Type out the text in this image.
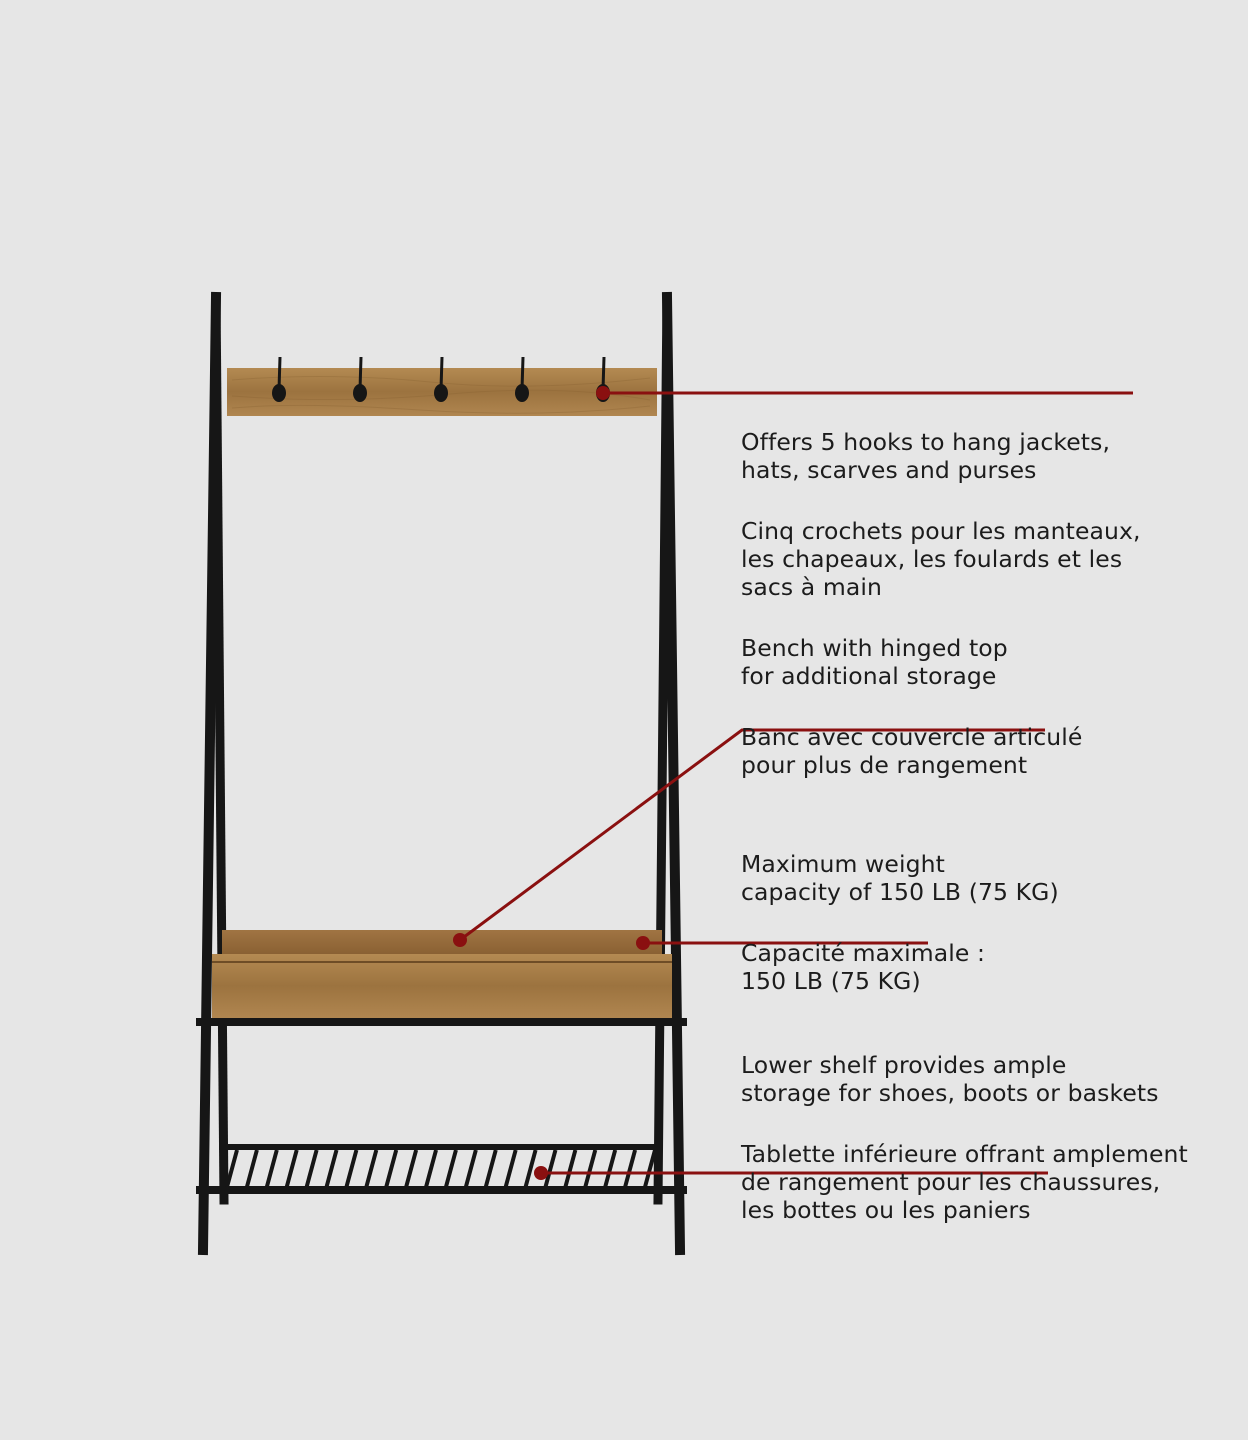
Offers 5 hooks to hang jackets,
hats, scarves and purses

Cinq crochets pour les manteaux,
les chapeaux, les foulards et les
sacs à main

Bench with hinged top
for additional storage

Banc avec couvercle articulé
pour plus de rangement

Maximum weight
capacity of 150 LB (75 KG)

Capacité maximale :
150 LB (75 KG)

Lower shelf provides ample
storage for shoes, boots or baskets

Tablette inférieure offrant amplement
de rangement pour les chaussures,
les bottes ou les paniers
